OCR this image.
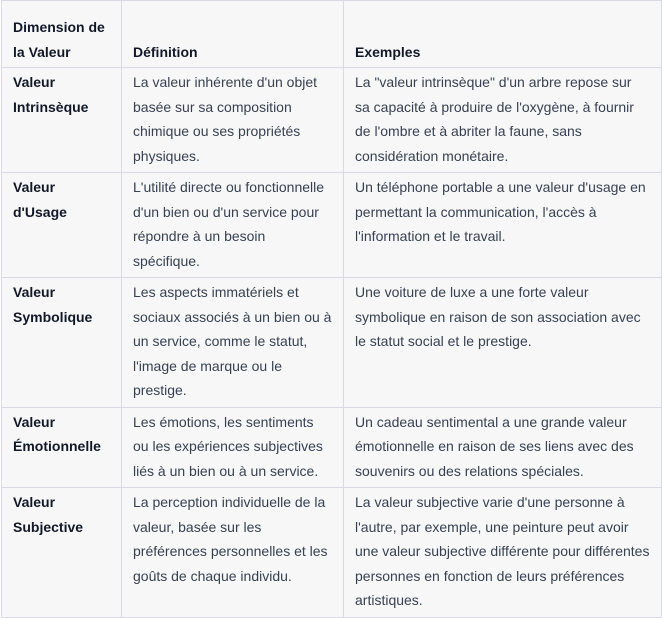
Dimension de la Valeur	Définition	Exemples
Valeur Intrinsèque	La valeur inhérente d'un objet basée sur sa composition chimique ou ses propriétés physiques.	La "valeur intrinsèque" d'un arbre repose sur sa capacité à produire de l'oxygène, à fournir de l'ombre et à abriter la faune, sans considération monétaire.
Valeur d'Usage	L'utilité directe ou fonctionnelle d'un bien ou d'un service pour répondre à un besoin spécifique.	Un téléphone portable a une valeur d'usage en permettant la communication, l'accès à l'information et le travail.
Valeur Symbolique	Les aspects immatériels et sociaux associés à un bien ou à un service, comme le statut, l'image de marque ou le prestige.	Une voiture de luxe a une forte valeur symbolique en raison de son association avec le statut social et le prestige.
Valeur Émotionnelle	Les émotions, les sentiments ou les expériences subjectives liés à un bien ou à un service.	Un cadeau sentimental a une grande valeur émotionnelle en raison de ses liens avec des souvenirs ou des relations spéciales.
Valeur Subjective	La perception individuelle de la valeur, basée sur les préférences personnelles et les goûts de chaque individu.	La valeur subjective varie d'une personne à l'autre, par exemple, une peinture peut avoir une valeur subjective différente pour différentes personnes en fonction de leurs préférences artistiques.
